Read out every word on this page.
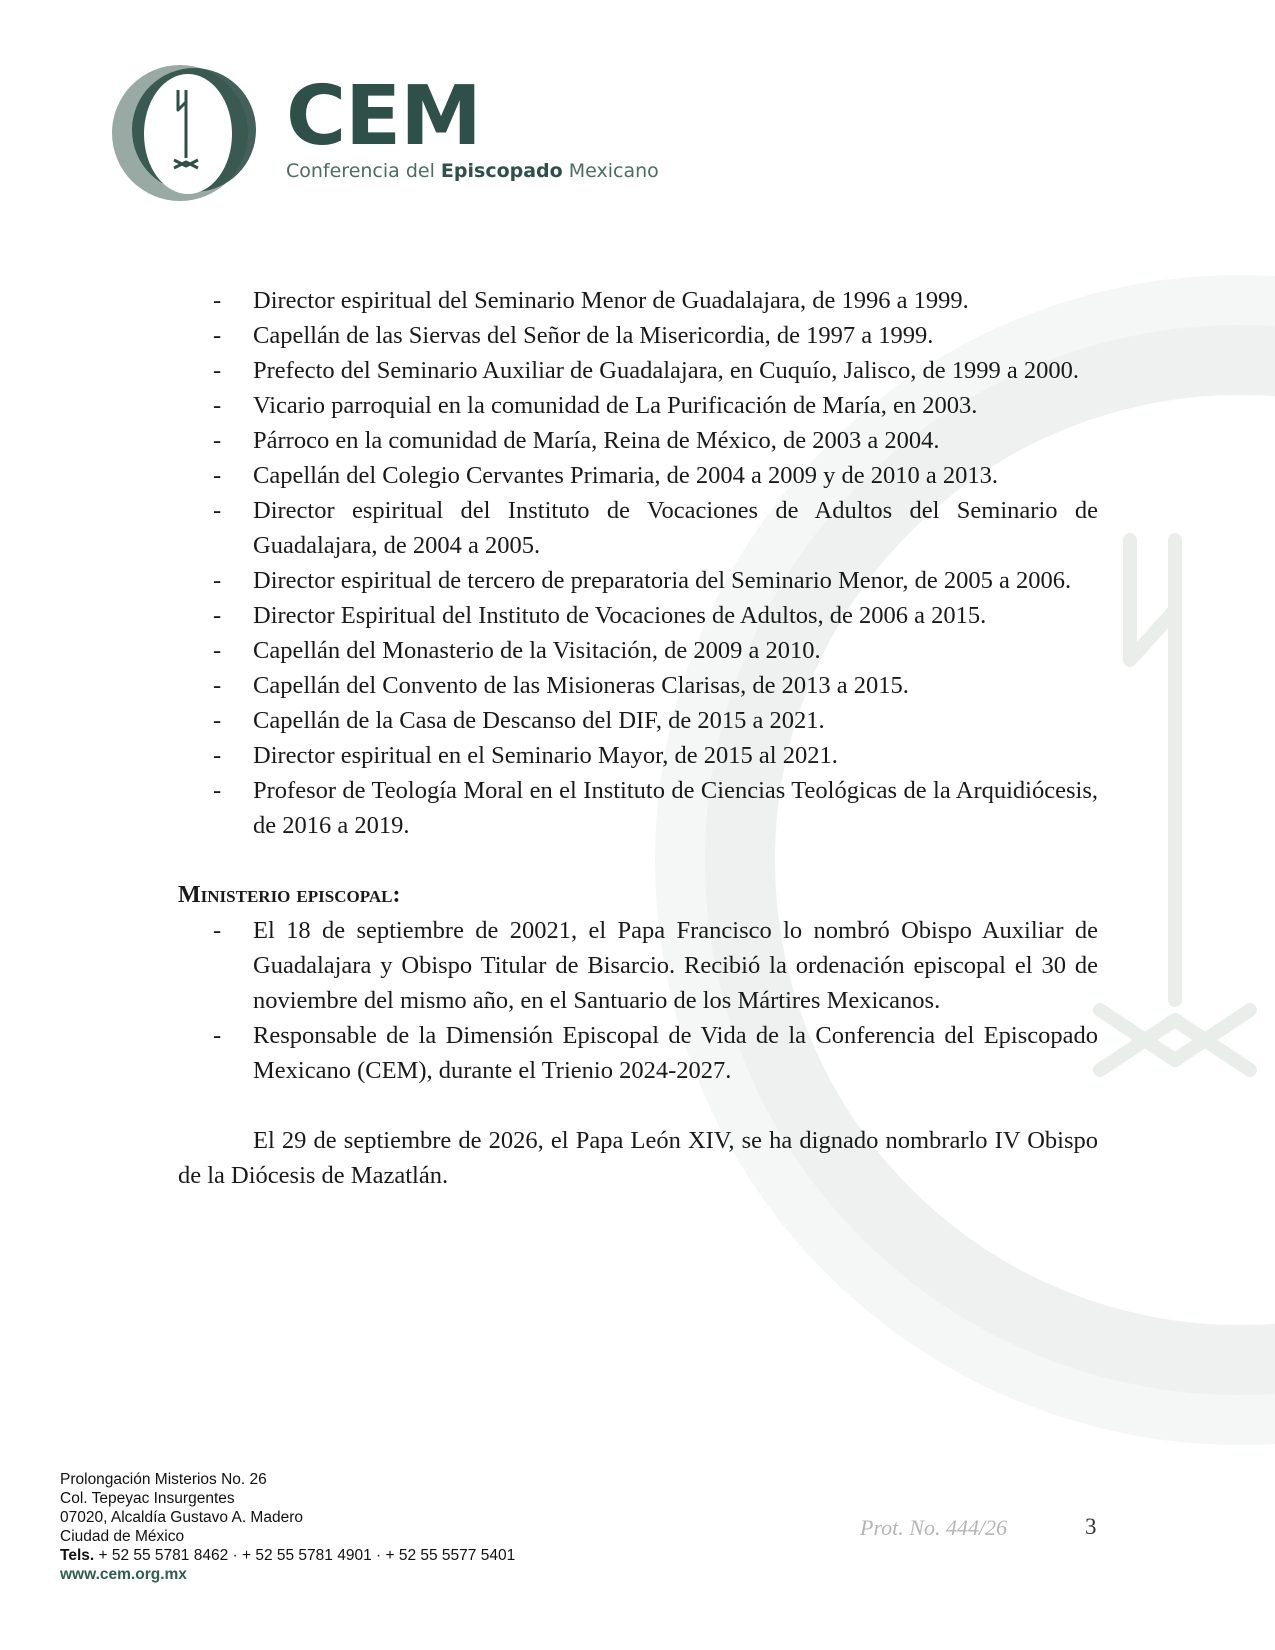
CEM
Conferencia del Episcopado Mexicano
- Director espiritual del Seminario Menor de Guadalajara, de 1996 a 1999.
- Capellán de las Siervas del Señor de la Misericordia, de 1997 a 1999.
- Prefecto del Seminario Auxiliar de Guadalajara, en Cuquío, Jalisco, de 1999 a 2000.
- Vicario parroquial en la comunidad de La Purificación de María, en 2003.
- Párroco en la comunidad de María, Reina de México, de 2003 a 2004.
- Capellán del Colegio Cervantes Primaria, de 2004 a 2009 y de 2010 a 2013.
- Director espiritual del Instituto de Vocaciones de Adultos del Seminario de Guadalajara, de 2004 a 2005.
- Director espiritual de tercero de preparatoria del Seminario Menor, de 2005 a 2006.
- Director Espiritual del Instituto de Vocaciones de Adultos, de 2006 a 2015.
- Capellán del Monasterio de la Visitación, de 2009 a 2010.
- Capellán del Convento de las Misioneras Clarisas, de 2013 a 2015.
- Capellán de la Casa de Descanso del DIF, de 2015 a 2021.
- Director espiritual en el Seminario Mayor, de 2015 al 2021.
- Profesor de Teología Moral en el Instituto de Ciencias Teológicas de la Arquidiócesis, de 2016 a 2019.
Ministerio episcopal:
- El 18 de septiembre de 20021, el Papa Francisco lo nombró Obispo Auxiliar de Guadalajara y Obispo Titular de Bisarcio. Recibió la ordenación episcopal el 30 de noviembre del mismo año, en el Santuario de los Mártires Mexicanos.
- Responsable de la Dimensión Episcopal de Vida de la Conferencia del Episcopado Mexicano (CEM), durante el Trienio 2024-2027.

El 29 de septiembre de 2026, el Papa León XIV, se ha dignado nombrarlo IV Obispo de la Diócesis de Mazatlán.

Prolongación Misterios No. 26
Col. Tepeyac Insurgentes
07020, Alcaldía Gustavo A. Madero
Ciudad de México
Tels. + 52 55 5781 8462 · + 52 55 5781 4901 · + 52 55 5577 5401
www.cem.org.mx
Prot. No. 444/26	3
